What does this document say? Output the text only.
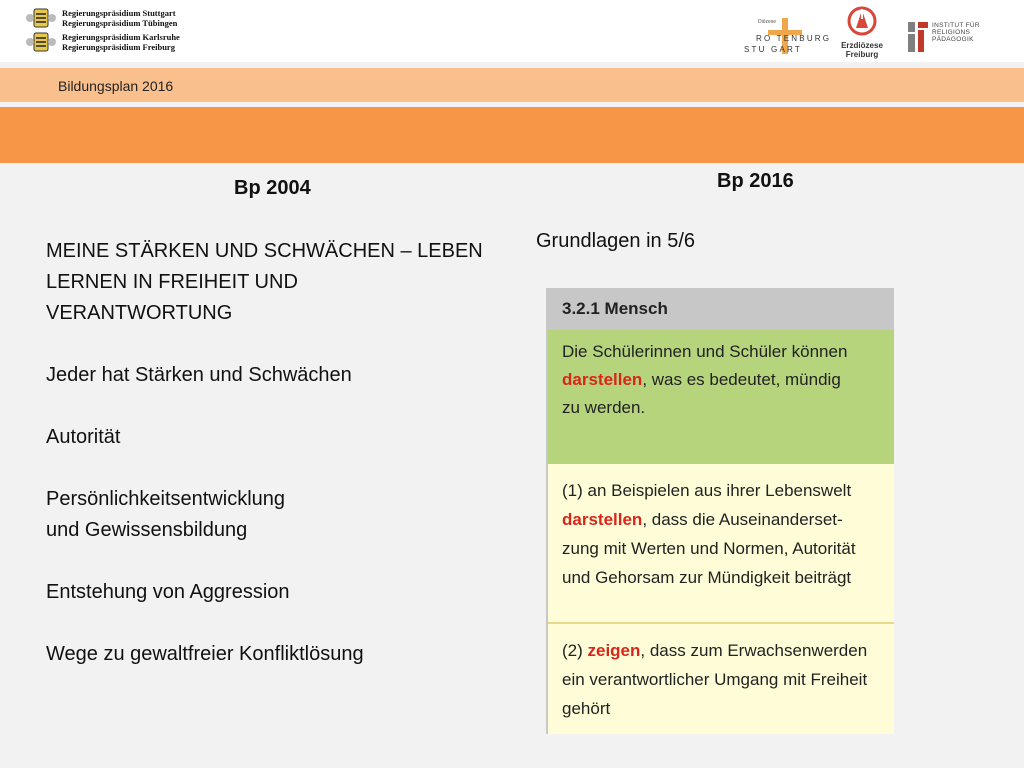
Regierungspräsidium Stuttgart
Regierungspräsidium Tübingen
Regierungspräsidium Karlsruhe
Regierungspräsidium Freiburg
Diözese
RO TENBURG
STU GART	Erzdiözese
Freiburg
INSTITUT FÜR
RELIGIONS
PÄDAGOGIK
Bildungsplan 2016
Bp 2004	Bp 2016

MEINE STÄRKEN UND SCHWÄCHEN – LEBEN

LERNEN IN FREIHEIT UND

VERANTWORTUNG

Jeder hat Stärken und Schwächen

Autorität

Persönlichkeitsentwicklung

und Gewissensbildung

Entstehung von Aggression

Wege zu gewaltfreier Konfliktlösung

Grundlagen in 5/6
3.2.1 Mensch
Die Schülerinnen und Schüler können
darstellen, was es bedeutet, mündig
zu werden.
(1) an Beispielen aus ihrer Lebenswelt
darstellen, dass die Auseinanderset-
zung mit Werten und Normen, Autorität
und Gehorsam zur Mündigkeit beiträgt
(2) zeigen, dass zum Erwachsenwerden
ein verantwortlicher Umgang mit Freiheit
gehört
